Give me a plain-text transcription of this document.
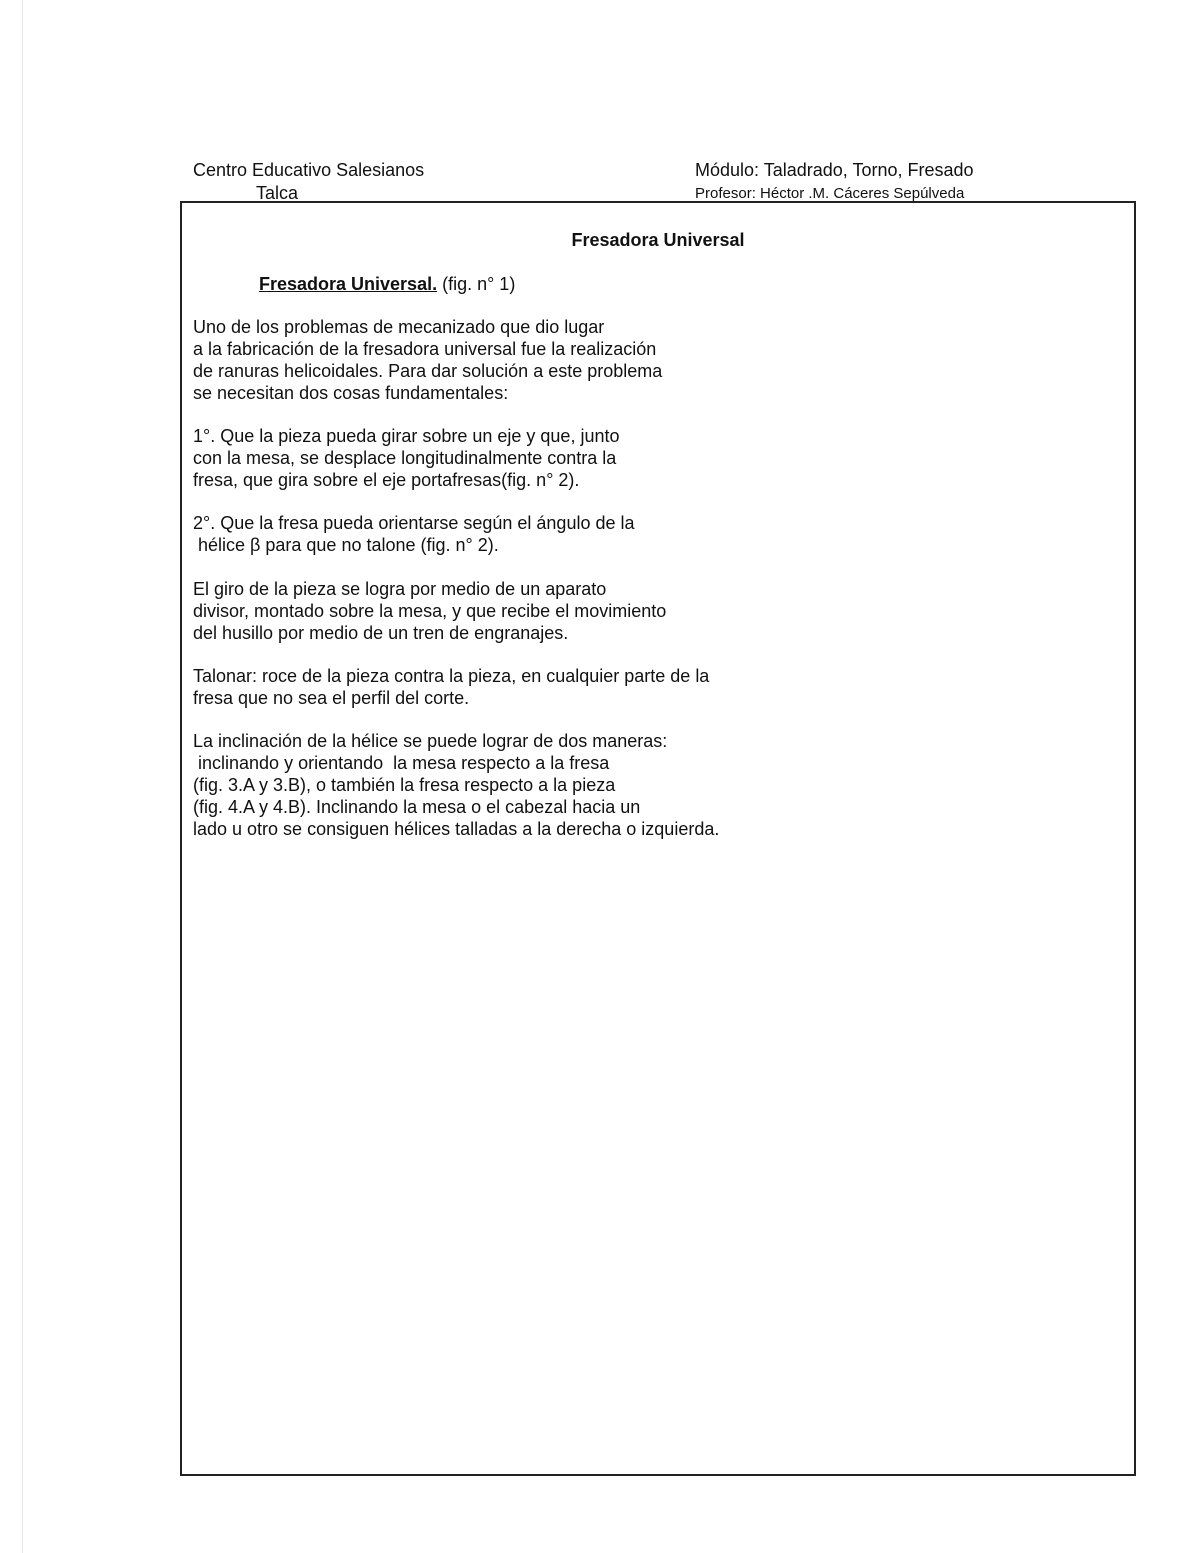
Centro Educativo Salesianos
Talca
Módulo: Taladrado, Torno, Fresado
Profesor: Héctor .M. Cáceres Sepúlveda
Fresadora Universal
Fresadora Universal. (fig. n° 1)
Uno de los problemas de mecanizado que dio lugar
a la fabricación de la fresadora universal fue la realización
de ranuras helicoidales. Para dar solución a este problema
se necesitan dos cosas fundamentales:
1°. Que la pieza pueda girar sobre un eje y que, junto
con la mesa, se desplace longitudinalmente contra la
fresa, que gira sobre el eje portafresas(fig. n° 2).
2°. Que la fresa pueda orientarse según el ángulo de la
hélice β para que no talone (fig. n° 2).
El giro de la pieza se logra por medio de un aparato
divisor, montado sobre la mesa, y que recibe el movimiento
del husillo por medio de un tren de engranajes.
Talonar: roce de la pieza contra la pieza, en cualquier parte de la
fresa que no sea el perfil del corte.
La inclinación de la hélice se puede lograr de dos maneras:
inclinando y orientando  la mesa respecto a la fresa
(fig. 3.A y 3.B), o también la fresa respecto a la pieza
(fig. 4.A y 4.B). Inclinando la mesa o el cabezal hacia un
lado u otro se consiguen hélices talladas a la derecha o izquierda.
